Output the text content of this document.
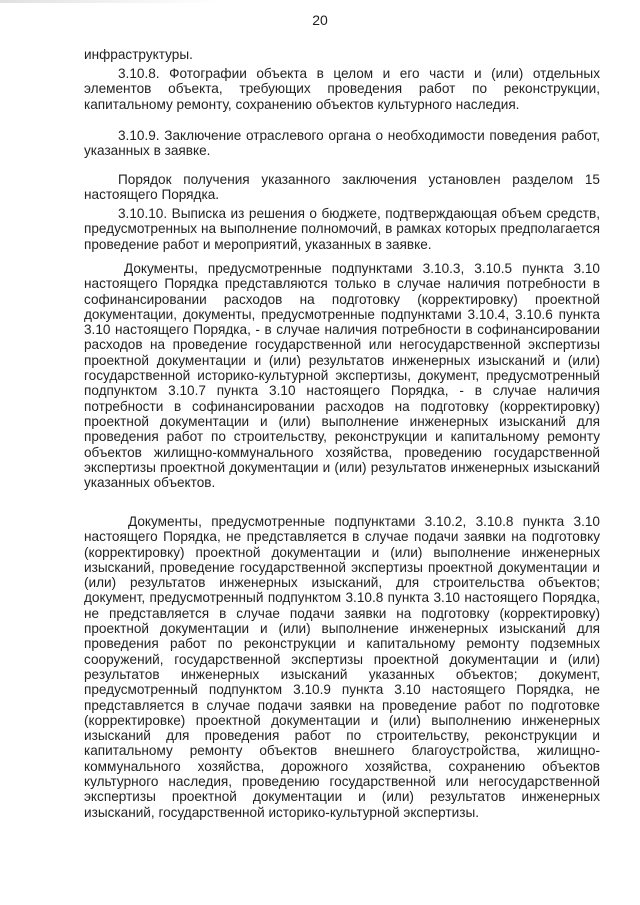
20

инфраструктуры.

3.10.8. Фотографии объекта в целом и его части и (или) отдельных элементов объекта, требующих проведения работ по реконструкции, капитальному ремонту, сохранению объектов культурного наследия.

3.10.9. Заключение отраслевого органа о необходимости поведения работ, указанных в заявке.

Порядок получения указанного заключения установлен разделом 15 настоящего Порядка.

3.10.10. Выписка из решения о бюджете, подтверждающая объем средств, предусмотренных на выполнение полномочий, в рамках которых предполагается проведение работ и мероприятий, указанных в заявке.

Документы, предусмотренные подпунктами 3.10.3, 3.10.5 пункта 3.10 настоящего Порядка представляются только в случае наличия потребности в софинансировании расходов на подготовку (корректировку) проектной документации, документы, предусмотренные подпунктами 3.10.4, 3.10.6 пункта 3.10 настоящего Порядка, - в случае наличия потребности в софинансировании расходов на проведение государственной или негосударственной экспертизы проектной документации и (или) результатов инженерных изысканий и (или) государственной историко-культурной экспертизы, документ, предусмотренный подпунктом 3.10.7 пункта 3.10 настоящего Порядка, - в случае наличия потребности в софинансировании расходов на подготовку (корректировку) проектной документации и (или) выполнение инженерных изысканий для проведения работ по строительству, реконструкции и капитальному ремонту объектов жилищно-коммунального хозяйства, проведению государственной экспертизы проектной документации и (или) результатов инженерных изысканий указанных объектов.

Документы, предусмотренные подпунктами 3.10.2, 3.10.8 пункта 3.10 настоящего Порядка, не представляется в случае подачи заявки на подготовку (корректировку) проектной документации и (или) выполнение инженерных изысканий, проведение государственной экспертизы проектной документации и (или) результатов инженерных изысканий, для строительства объектов; документ, предусмотренный подпунктом 3.10.8 пункта 3.10 настоящего Порядка, не представляется в случае подачи заявки на подготовку (корректировку) проектной документации и (или) выполнение инженерных изысканий для проведения работ по реконструкции и капитальному ремонту подземных сооружений, государственной экспертизы проектной документации и (или) результатов инженерных изысканий указанных объектов; документ, предусмотренный подпунктом 3.10.9 пункта 3.10 настоящего Порядка, не представляется в случае подачи заявки на проведение работ по подготовке (корректировке) проектной документации и (или) выполнению инженерных изысканий для проведения работ по строительству, реконструкции и капитальному ремонту объектов внешнего благоустройства, жилищно-коммунального хозяйства, дорожного хозяйства, сохранению объектов культурного наследия, проведению государственной или негосударственной экспертизы проектной документации и (или) результатов инженерных изысканий, государственной историко-культурной экспертизы.
